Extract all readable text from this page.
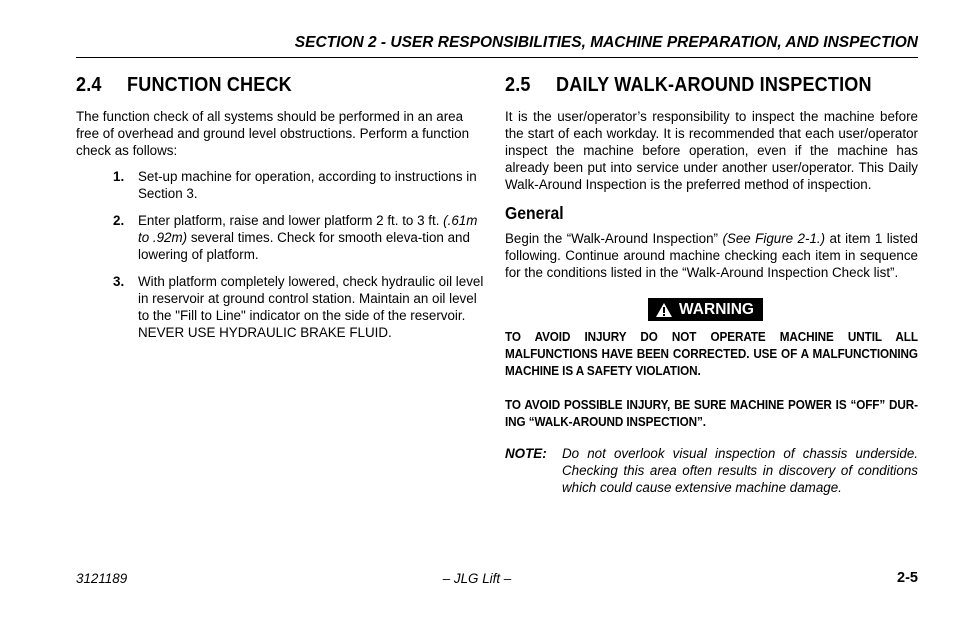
SECTION 2 - USER RESPONSIBILITIES, MACHINE PREPARATION, AND INSPECTION
2.4 FUNCTION CHECK

The function check of all systems should be performed in an area free of overhead and ground level obstructions. Perform a function check as follows:

1. Set-up machine for operation, according to instructions in Section 3.
2. Enter platform, raise and lower platform 2 ft. to 3 ft. (.61m to .92m) several times. Check for smooth eleva-tion and lowering of platform.
3. With platform completely lowered, check hydraulic oil level in reservoir at ground control station. Maintain an oil level to the "Fill to Line" indicator on the side of the reservoir. NEVER USE HYDRAULIC BRAKE FLUID.
2.5 DAILY WALK-AROUND INSPECTION

It is the user/operator’s responsibility to inspect the machine before the start of each workday. It is recommended that each user/operator inspect the machine before operation, even if the machine has already been put into service under another user/operator. This Daily Walk-Around Inspection is the preferred method of inspection.

General

Begin the “Walk-Around Inspection” (See Figure 2-1.) at item 1 listed following. Continue around machine checking each item in sequence for the conditions listed in the “Walk-Around Inspection Check list”.

WARNING

TO AVOID INJURY DO NOT OPERATE MACHINE UNTIL ALL MALFUNCTIONS HAVE BEEN CORRECTED. USE OF A MALFUNCTIONING MACHINE IS A SAFETY VIOLATION.

TO AVOID POSSIBLE INJURY, BE SURE MACHINE POWER IS “OFF” DUR-ING “WALK-AROUND INSPECTION”.

NOTE: Do not overlook visual inspection of chassis underside. Checking this area often results in discovery of conditions which could cause extensive machine damage.
3121189	– JLG Lift –	2-5
